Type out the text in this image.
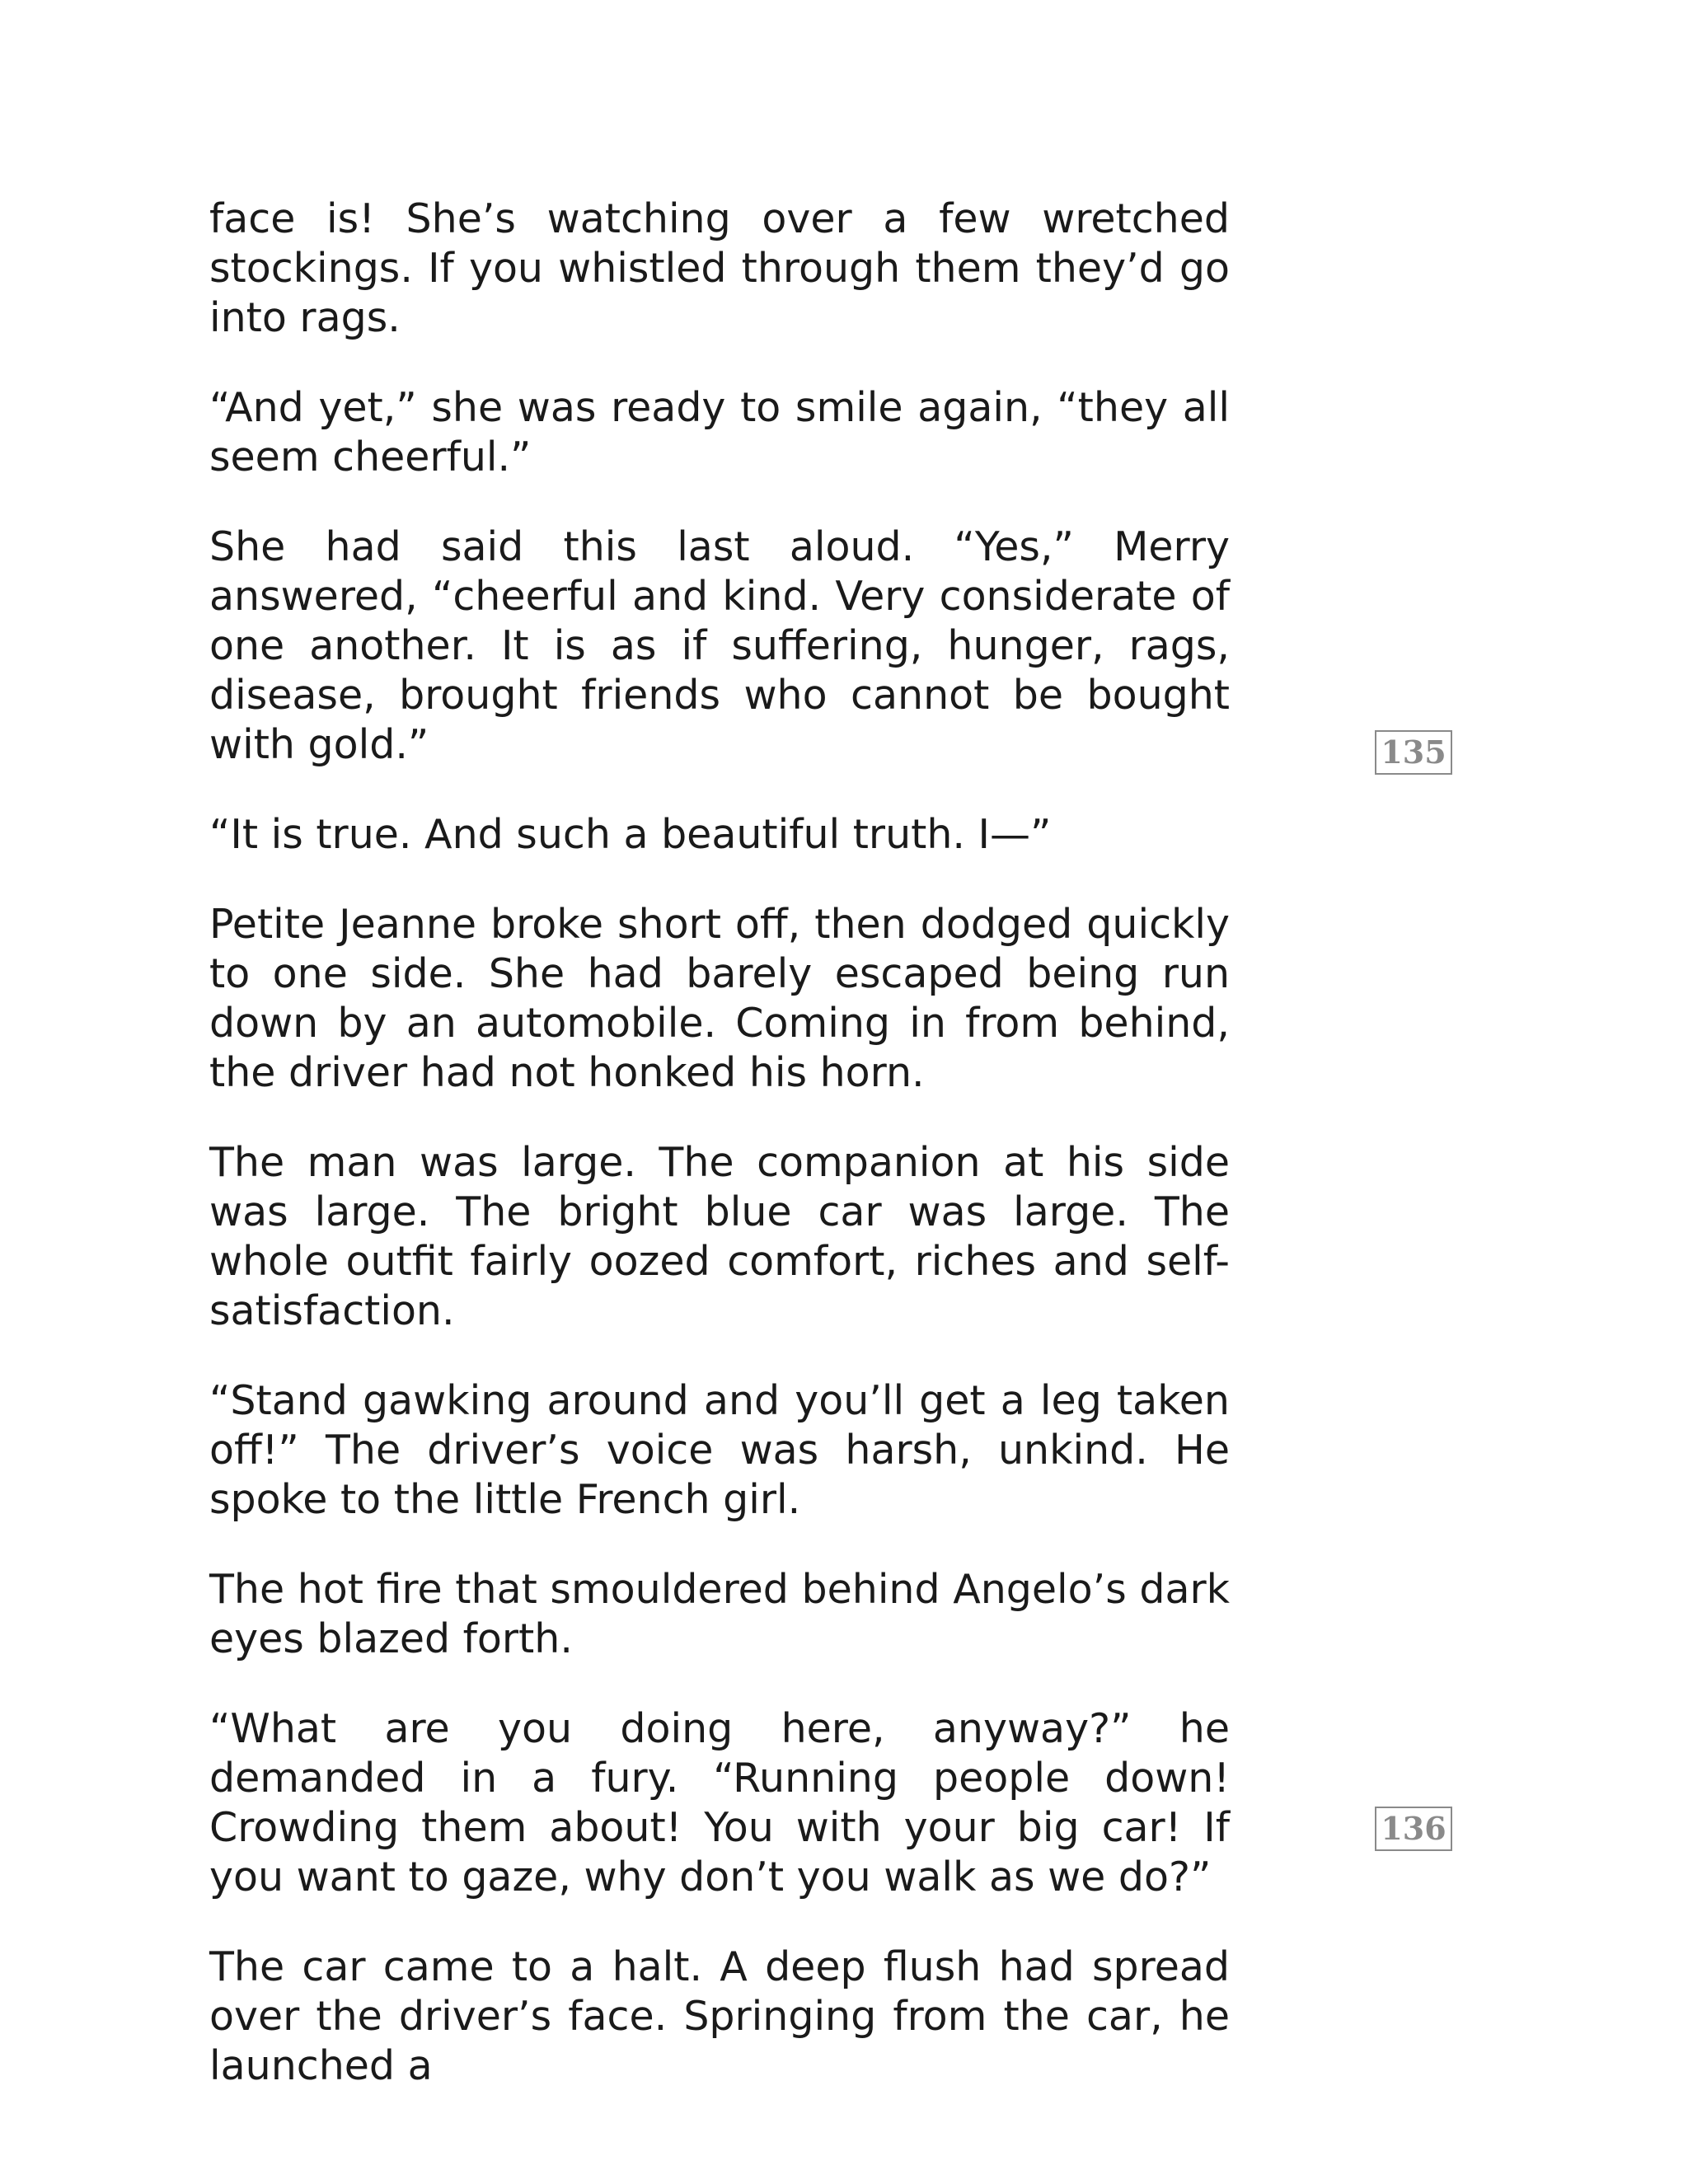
face is! She’s watching over a few wretched stockings. If you whistled through them they’d go into rags.

“And yet,” she was ready to smile again, “they all seem cheerful.”

She had said this last aloud. “Yes,” Merry answered, “cheerful and kind. Very considerate of one another. It is as if suffering, hunger, rags, disease, brought friends who cannot be bought with gold.”

“It is true. And such a beautiful truth. I—”

Petite Jeanne broke short off, then dodged quickly to one side. She had barely escaped being run down by an automobile. Coming in from behind, the driver had not honked his horn.

The man was large. The companion at his side was large. The bright blue car was large. The whole outfit fairly oozed comfort, riches and self-satisfaction.

“Stand gawking around and you’ll get a leg taken off!” The driver’s voice was harsh, unkind. He spoke to the little French girl.

The hot fire that smouldered behind Angelo’s dark eyes blazed forth.

“What are you doing here, anyway?” he demanded in a fury. “Running people down! Crowding them about! You with your big car! If you want to gaze, why don’t you walk as we do?”

The car came to a halt. A deep flush had spread over the driver’s face. Springing from the car, he launched a

135
136
